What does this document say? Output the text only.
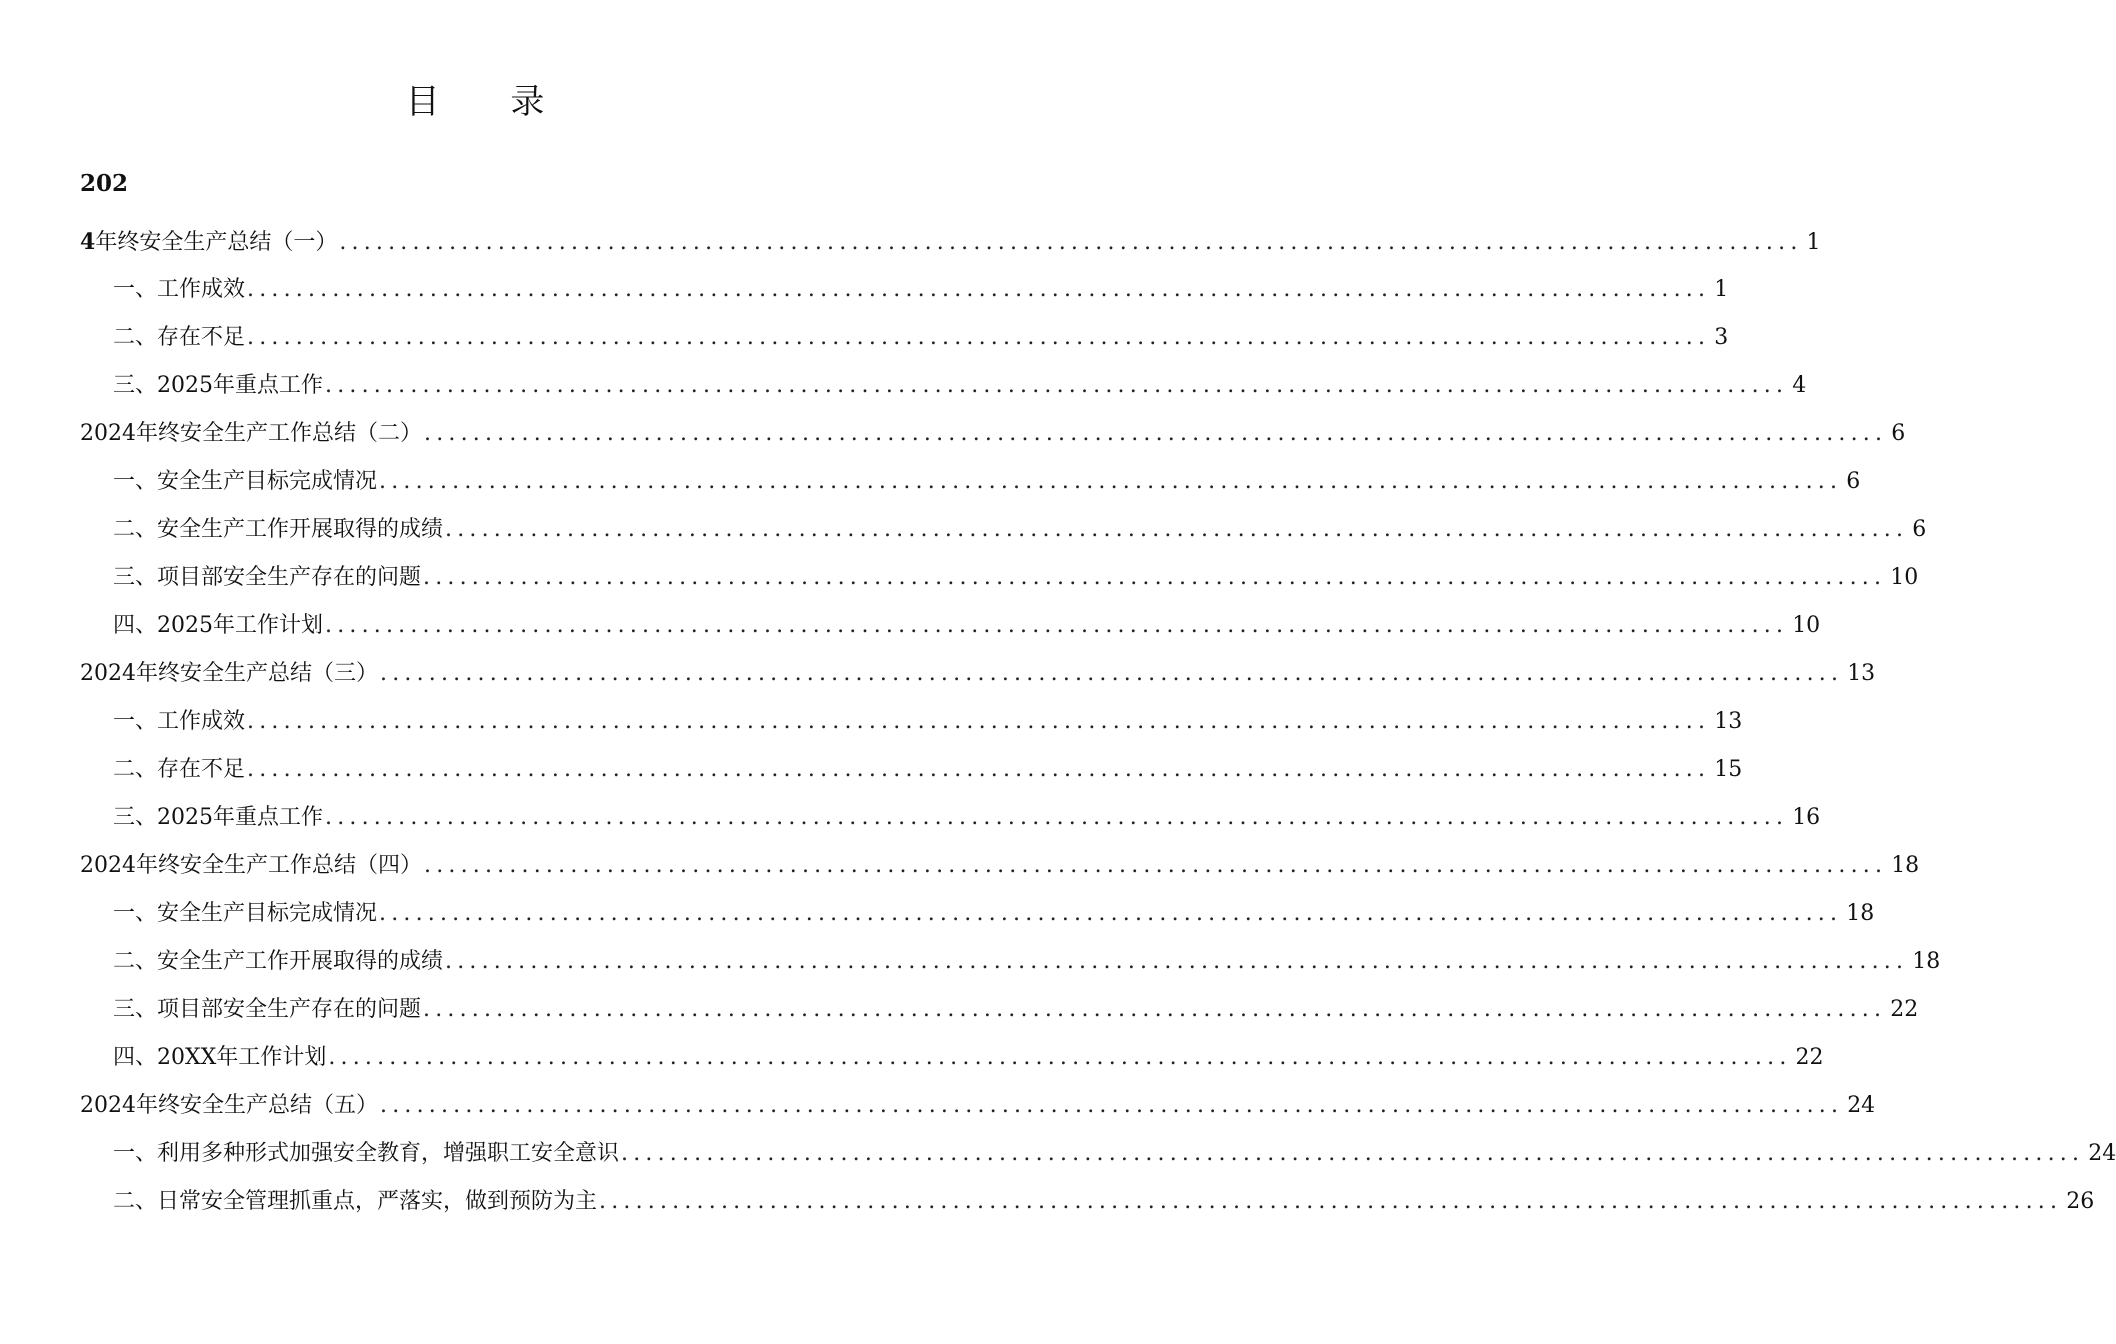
目 录
202
4年终安全生产总结（一） ........................................................................................................................ 1
一、工作成效 ........................................................................................................................ 1
二、存在不足 ........................................................................................................................ 3
三、2025年重点工作 ........................................................................................................................ 4
2024年终安全生产工作总结（二） ........................................................................................................................ 6
一、安全生产目标完成情况 ........................................................................................................................ 6
二、安全生产工作开展取得的成绩 ........................................................................................................................ 6
三、项目部安全生产存在的问题 ........................................................................................................................ 10
四、2025年工作计划 ........................................................................................................................ 10
2024年终安全生产总结（三） ........................................................................................................................ 13
一、工作成效 ........................................................................................................................ 13
二、存在不足 ........................................................................................................................ 15
三、2025年重点工作 ........................................................................................................................ 16
2024年终安全生产工作总结（四） ........................................................................................................................ 18
一、安全生产目标完成情况 ........................................................................................................................ 18
二、安全生产工作开展取得的成绩 ........................................................................................................................ 18
三、项目部安全生产存在的问题 ........................................................................................................................ 22
四、20XX年工作计划 ........................................................................................................................ 22
2024年终安全生产总结（五） ........................................................................................................................ 24
一、利用多种形式加强安全教育，增强职工安全意识 ........................................................................................................................ 24
二、日常安全管理抓重点，严落实，做到预防为主 ........................................................................................................................ 26
